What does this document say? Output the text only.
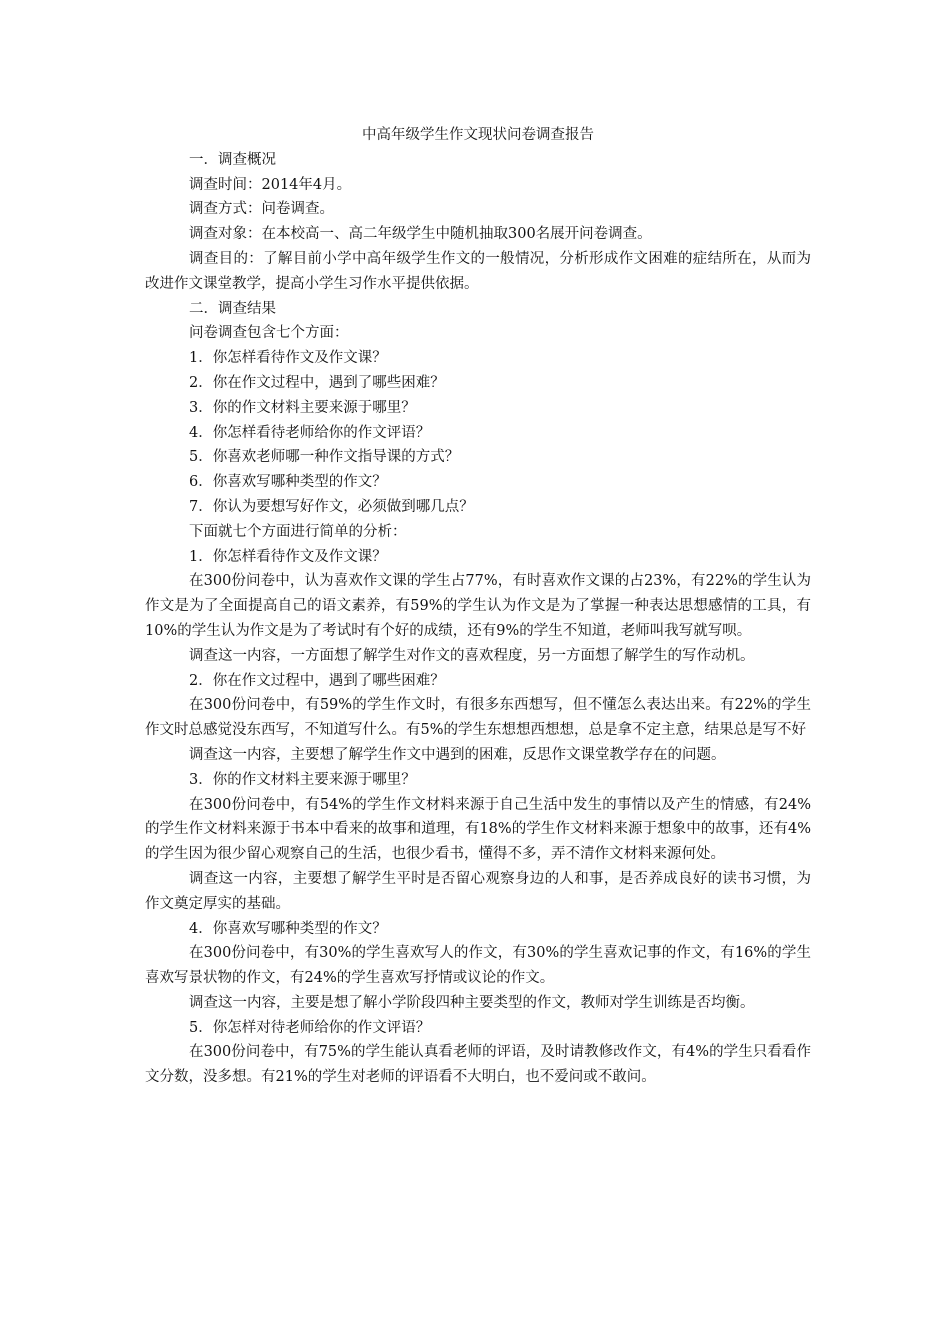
中高年级学生作文现状问卷调查报告

一．调查概况

调查时间：2014年4月。

调查方式：问卷调查。

调查对象：在本校高一、高二年级学生中随机抽取300名展开问卷调查。

调查目的：了解目前小学中高年级学生作文的一般情况，分析形成作文困难的症结所在，从而为改进作文课堂教学，提高小学生习作水平提供依据。

二．调查结果

问卷调查包含七个方面：

1．你怎样看待作文及作文课？

2．你在作文过程中，遇到了哪些困难？

3．你的作文材料主要来源于哪里？

4．你怎样看待老师给你的作文评语？

5．你喜欢老师哪一种作文指导课的方式？

6．你喜欢写哪种类型的作文？

7．你认为要想写好作文，必须做到哪几点？

下面就七个方面进行简单的分析：

1．你怎样看待作文及作文课？

在300份问卷中，认为喜欢作文课的学生占77%，有时喜欢作文课的占23%，有22%的学生认为作文是为了全面提高自己的语文素养，有59%的学生认为作文是为了掌握一种表达思想感情的工具，有10%的学生认为作文是为了考试时有个好的成绩，还有9%的学生不知道，老师叫我写就写呗。

调查这一内容，一方面想了解学生对作文的喜欢程度，另一方面想了解学生的写作动机。

2．你在作文过程中，遇到了哪些困难？

在300份问卷中，有59%的学生作文时，有很多东西想写，但不懂怎么表达出来。有22%的学生作文时总感觉没东西写，不知道写什么。有5%的学生东想想西想想，总是拿不定主意，结果总是写不好

调查这一内容，主要想了解学生作文中遇到的困难，反思作文课堂教学存在的问题。

3．你的作文材料主要来源于哪里？

在300份问卷中，有54%的学生作文材料来源于自己生活中发生的事情以及产生的情感，有24%的学生作文材料来源于书本中看来的故事和道理，有18%的学生作文材料来源于想象中的故事，还有4%的学生因为很少留心观察自己的生活，也很少看书，懂得不多，弄不清作文材料来源何处。

调查这一内容，主要想了解学生平时是否留心观察身边的人和事，是否养成良好的读书习惯，为作文奠定厚实的基础。

4．你喜欢写哪种类型的作文？

在300份问卷中，有30%的学生喜欢写人的作文，有30%的学生喜欢记事的作文，有16%的学生喜欢写景状物的作文，有24%的学生喜欢写抒情或议论的作文。

调查这一内容，主要是想了解小学阶段四种主要类型的作文，教师对学生训练是否均衡。

5．你怎样对待老师给你的作文评语？

在300份问卷中，有75%的学生能认真看老师的评语，及时请教修改作文，有4%的学生只看看作文分数，没多想。有21%的学生对老师的评语看不大明白，也不爱问或不敢问。
